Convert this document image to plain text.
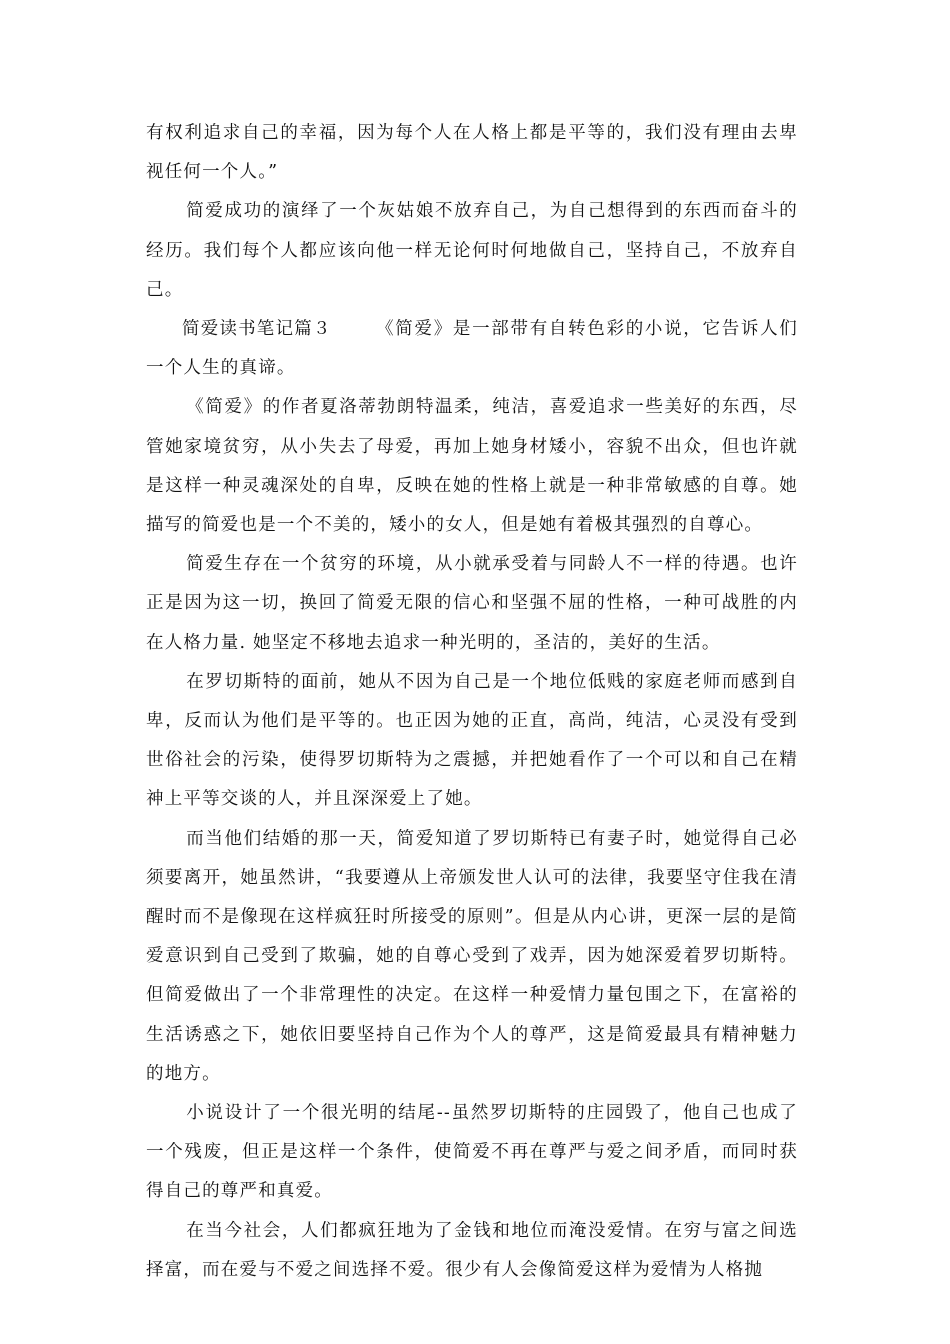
有权利追求自己的幸福，因为每个人在人格上都是平等的，我们没有理由去卑视任何一个人。”

简爱成功的演绎了一个灰姑娘不放弃自己，为自己想得到的东西而奋斗的经历。我们每个人都应该向他一样无论何时何地做自己，坚持自己，不放弃自己。

简爱读书笔记篇３	《简爱》是一部带有自转色彩的小说，它告诉人们一个人生的真谛。

《简爱》的作者夏洛蒂勃朗特温柔，纯洁，喜爱追求一些美好的东西，尽管她家境贫穷，从小失去了母爱，再加上她身材矮小，容貌不出众，但也许就是这样一种灵魂深处的自卑，反映在她的性格上就是一种非常敏感的自尊。她描写的简爱也是一个不美的，矮小的女人，但是她有着极其强烈的自尊心。

简爱生存在一个贫穷的环境，从小就承受着与同龄人不一样的待遇。也许正是因为这一切，换回了简爱无限的信心和坚强不屈的性格，一种可战胜的内在人格力量. 她坚定不移地去追求一种光明的，圣洁的，美好的生活。

在罗切斯特的面前，她从不因为自己是一个地位低贱的家庭老师而感到自卑，反而认为他们是平等的。也正因为她的正直，高尚，纯洁，心灵没有受到世俗社会的污染，使得罗切斯特为之震撼，并把她看作了一个可以和自己在精神上平等交谈的人，并且深深爱上了她。

而当他们结婚的那一天，简爱知道了罗切斯特已有妻子时，她觉得自己必须要离开，她虽然讲，“我要遵从上帝颁发世人认可的法律，我要坚守住我在清醒时而不是像现在这样疯狂时所接受的原则”。但是从内心讲，更深一层的是简爱意识到自己受到了欺骗，她的自尊心受到了戏弄，因为她深爱着罗切斯特。但简爱做出了一个非常理性的决定。在这样一种爱情力量包围之下，在富裕的生活诱惑之下，她依旧要坚持自己作为个人的尊严，这是简爱最具有精神魅力的地方。

小说设计了一个很光明的结尾--虽然罗切斯特的庄园毁了，他自己也成了一个残废，但正是这样一个条件，使简爱不再在尊严与爱之间矛盾，而同时获得自己的尊严和真爱。

在当今社会，人们都疯狂地为了金钱和地位而淹没爱情。在穷与富之间选择富，而在爱与不爱之间选择不爱。很少有人会像简爱这样为爱情为人格抛
